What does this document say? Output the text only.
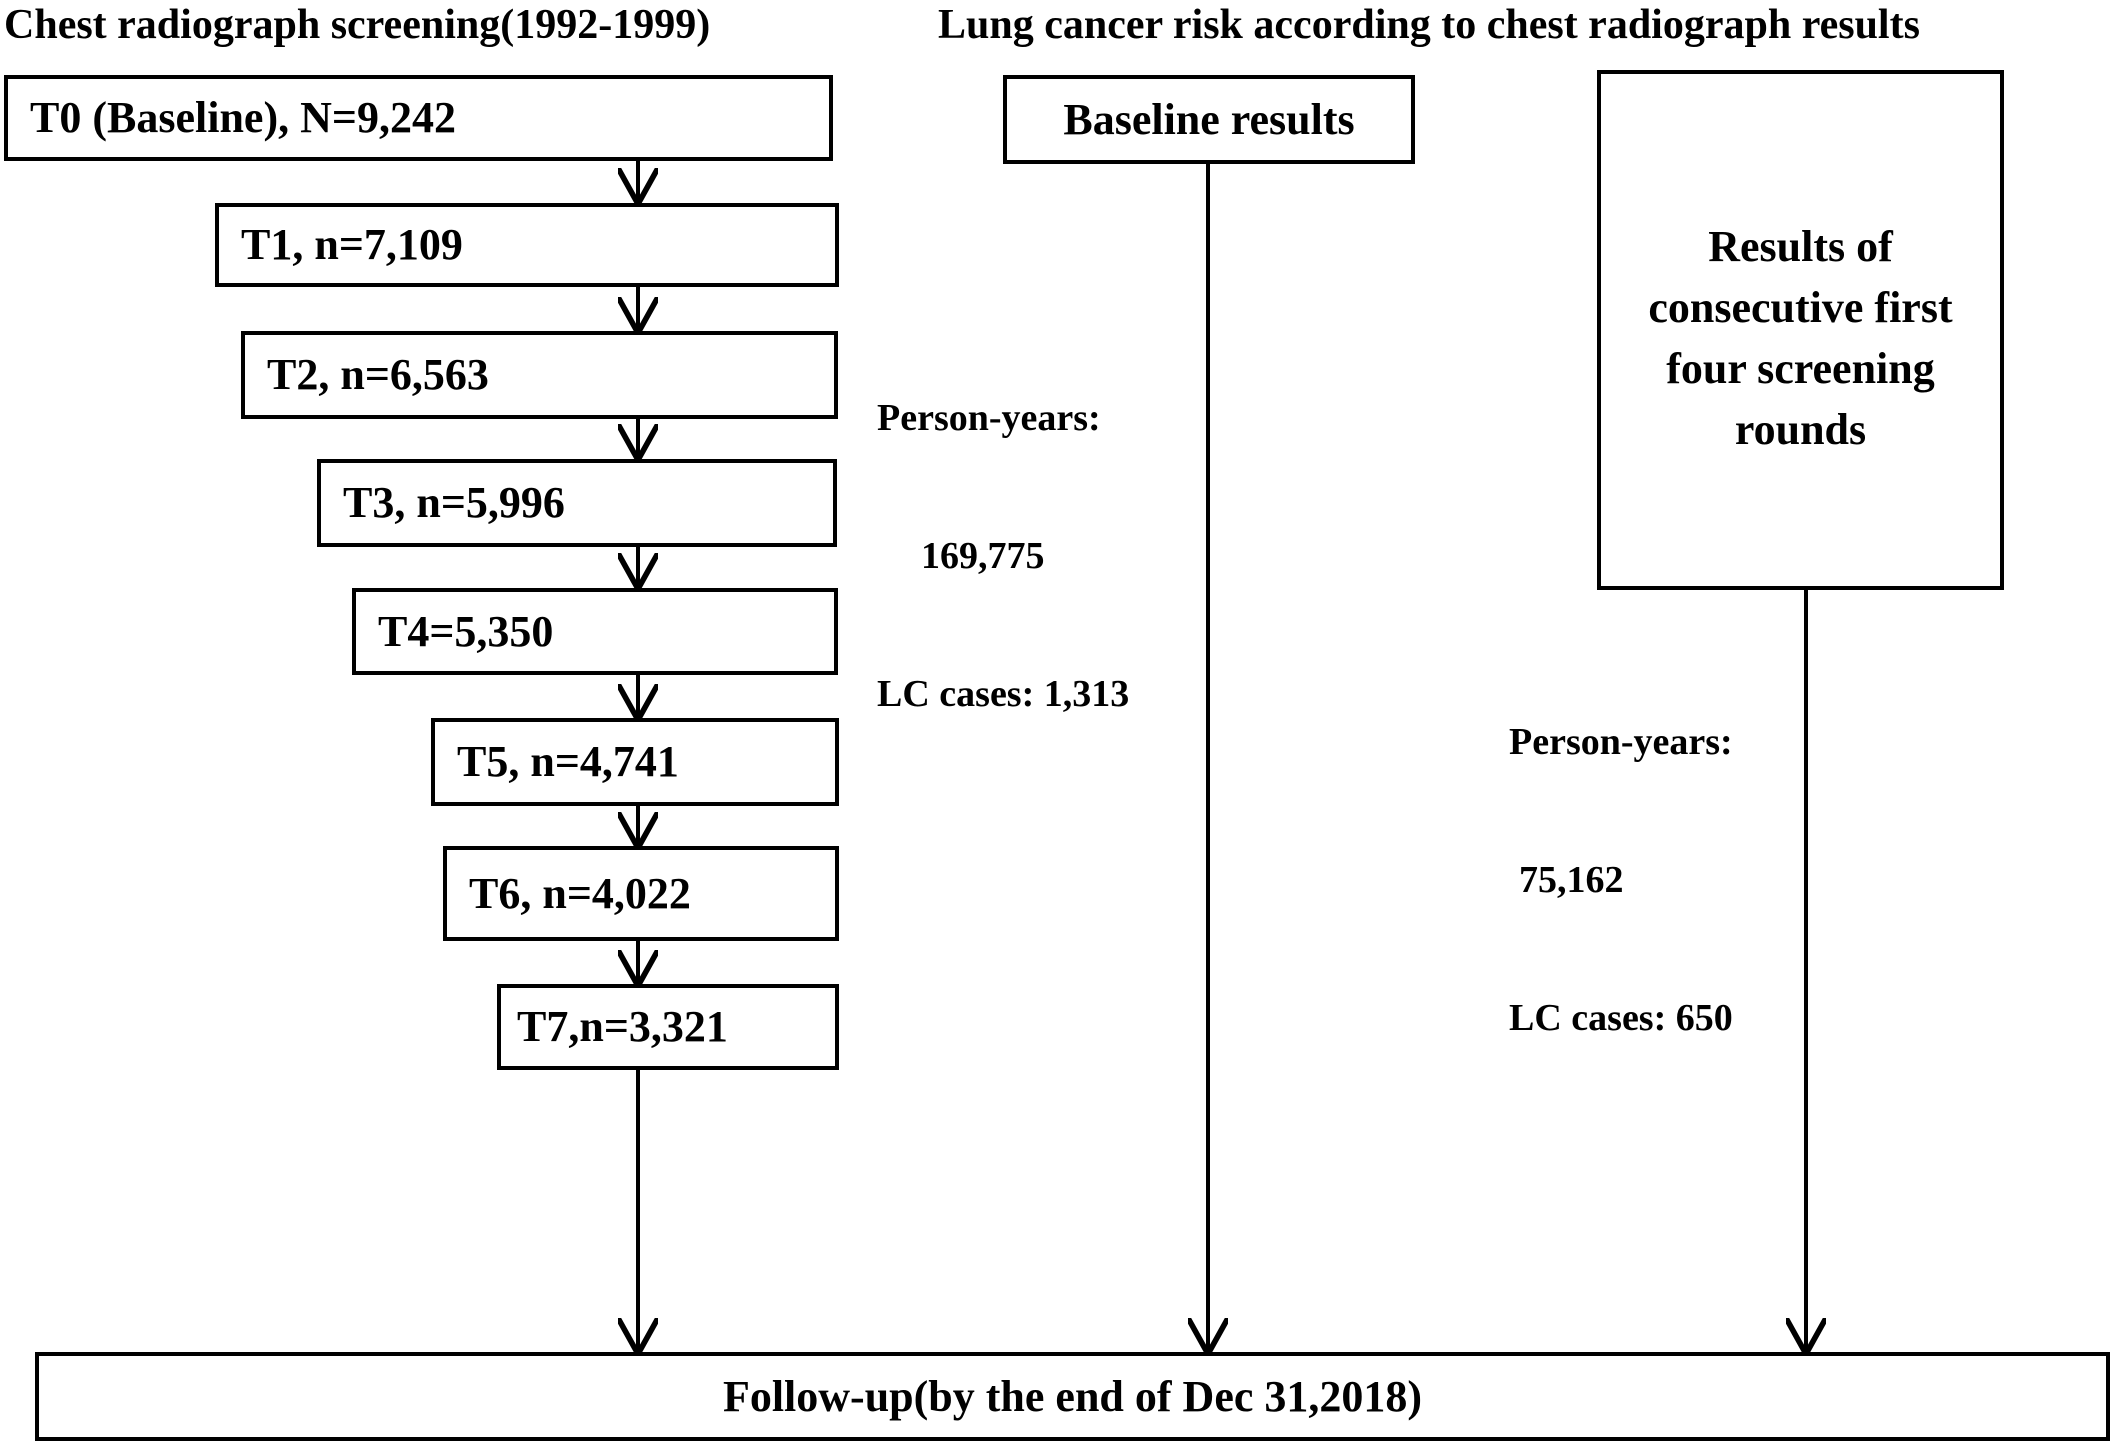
Chest radiograph screening(1992-1999)	Lung cancer risk according to chest radiograph results
T0 (Baseline), N=9,242
T1, n=7,109
T2, n=6,563
T3, n=5,996
T4=5,350
T5, n=4,741
T6, n=4,022
T7,n=3,321
Baseline results
Results of
consecutive first
four screening
rounds

Person-years:

169,775

LC cases: 1,313

Person-years:

75,162

LC cases: 650

Follow-up(by the end of Dec 31,2018)
